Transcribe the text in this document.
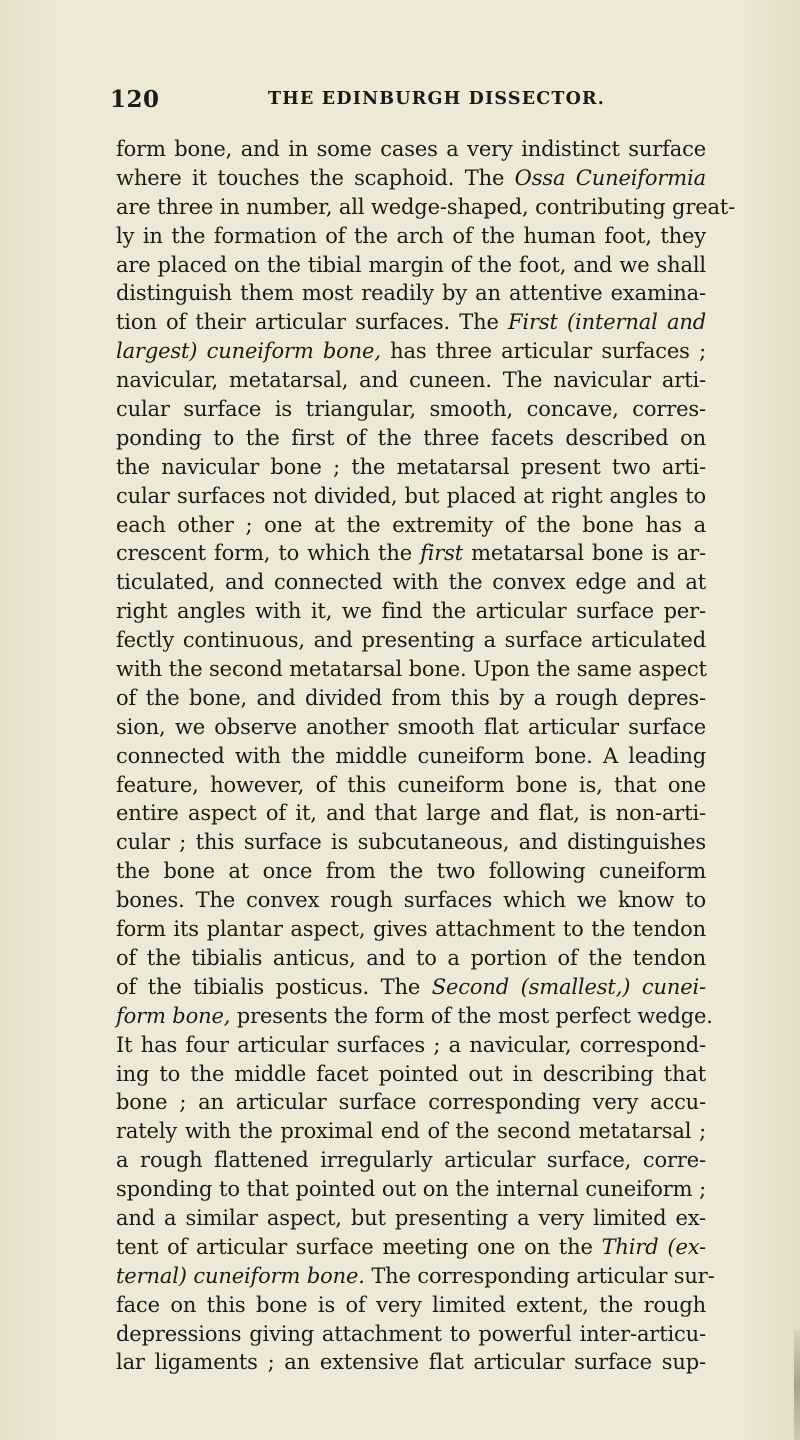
120	THE EDINBURGH DISSECTOR.
form bone, and in some cases a very indistinct surface
where it touches the scaphoid. The Ossa Cuneiformia
are three in number, all wedge-shaped, contributing great-
ly in the formation of the arch of the human foot, they
are placed on the tibial margin of the foot, and we shall
distinguish them most readily by an attentive examina-
tion of their articular surfaces. The First (internal and
largest) cuneiform bone, has three articular surfaces ;
navicular, metatarsal, and cuneen. The navicular arti-
cular surface is triangular, smooth, concave, corres-
ponding to the first of the three facets described on
the navicular bone ; the metatarsal present two arti-
cular surfaces not divided, but placed at right angles to
each other ; one at the extremity of the bone has a
crescent form, to which the first metatarsal bone is ar-
ticulated, and connected with the convex edge and at
right angles with it, we find the articular surface per-
fectly continuous, and presenting a surface articulated
with the second metatarsal bone. Upon the same aspect
of the bone, and divided from this by a rough depres-
sion, we observe another smooth flat articular surface
connected with the middle cuneiform bone. A leading
feature, however, of this cuneiform bone is, that one
entire aspect of it, and that large and flat, is non-arti-
cular ; this surface is subcutaneous, and distinguishes
the bone at once from the two following cuneiform
bones. The convex rough surfaces which we know to
form its plantar aspect, gives attachment to the tendon
of the tibialis anticus, and to a portion of the tendon
of the tibialis posticus. The Second (smallest,) cunei-
form bone, presents the form of the most perfect wedge.
It has four articular surfaces ; a navicular, correspond-
ing to the middle facet pointed out in describing that
bone ; an articular surface corresponding very accu-
rately with the proximal end of the second metatarsal ;
a rough flattened irregularly articular surface, corre-
sponding to that pointed out on the internal cuneiform ;
and a similar aspect, but presenting a very limited ex-
tent of articular surface meeting one on the Third (ex-
ternal) cuneiform bone. The corresponding articular sur-
face on this bone is of very limited extent, the rough
depressions giving attachment to powerful inter-articu-
lar ligaments ; an extensive flat articular surface sup-
